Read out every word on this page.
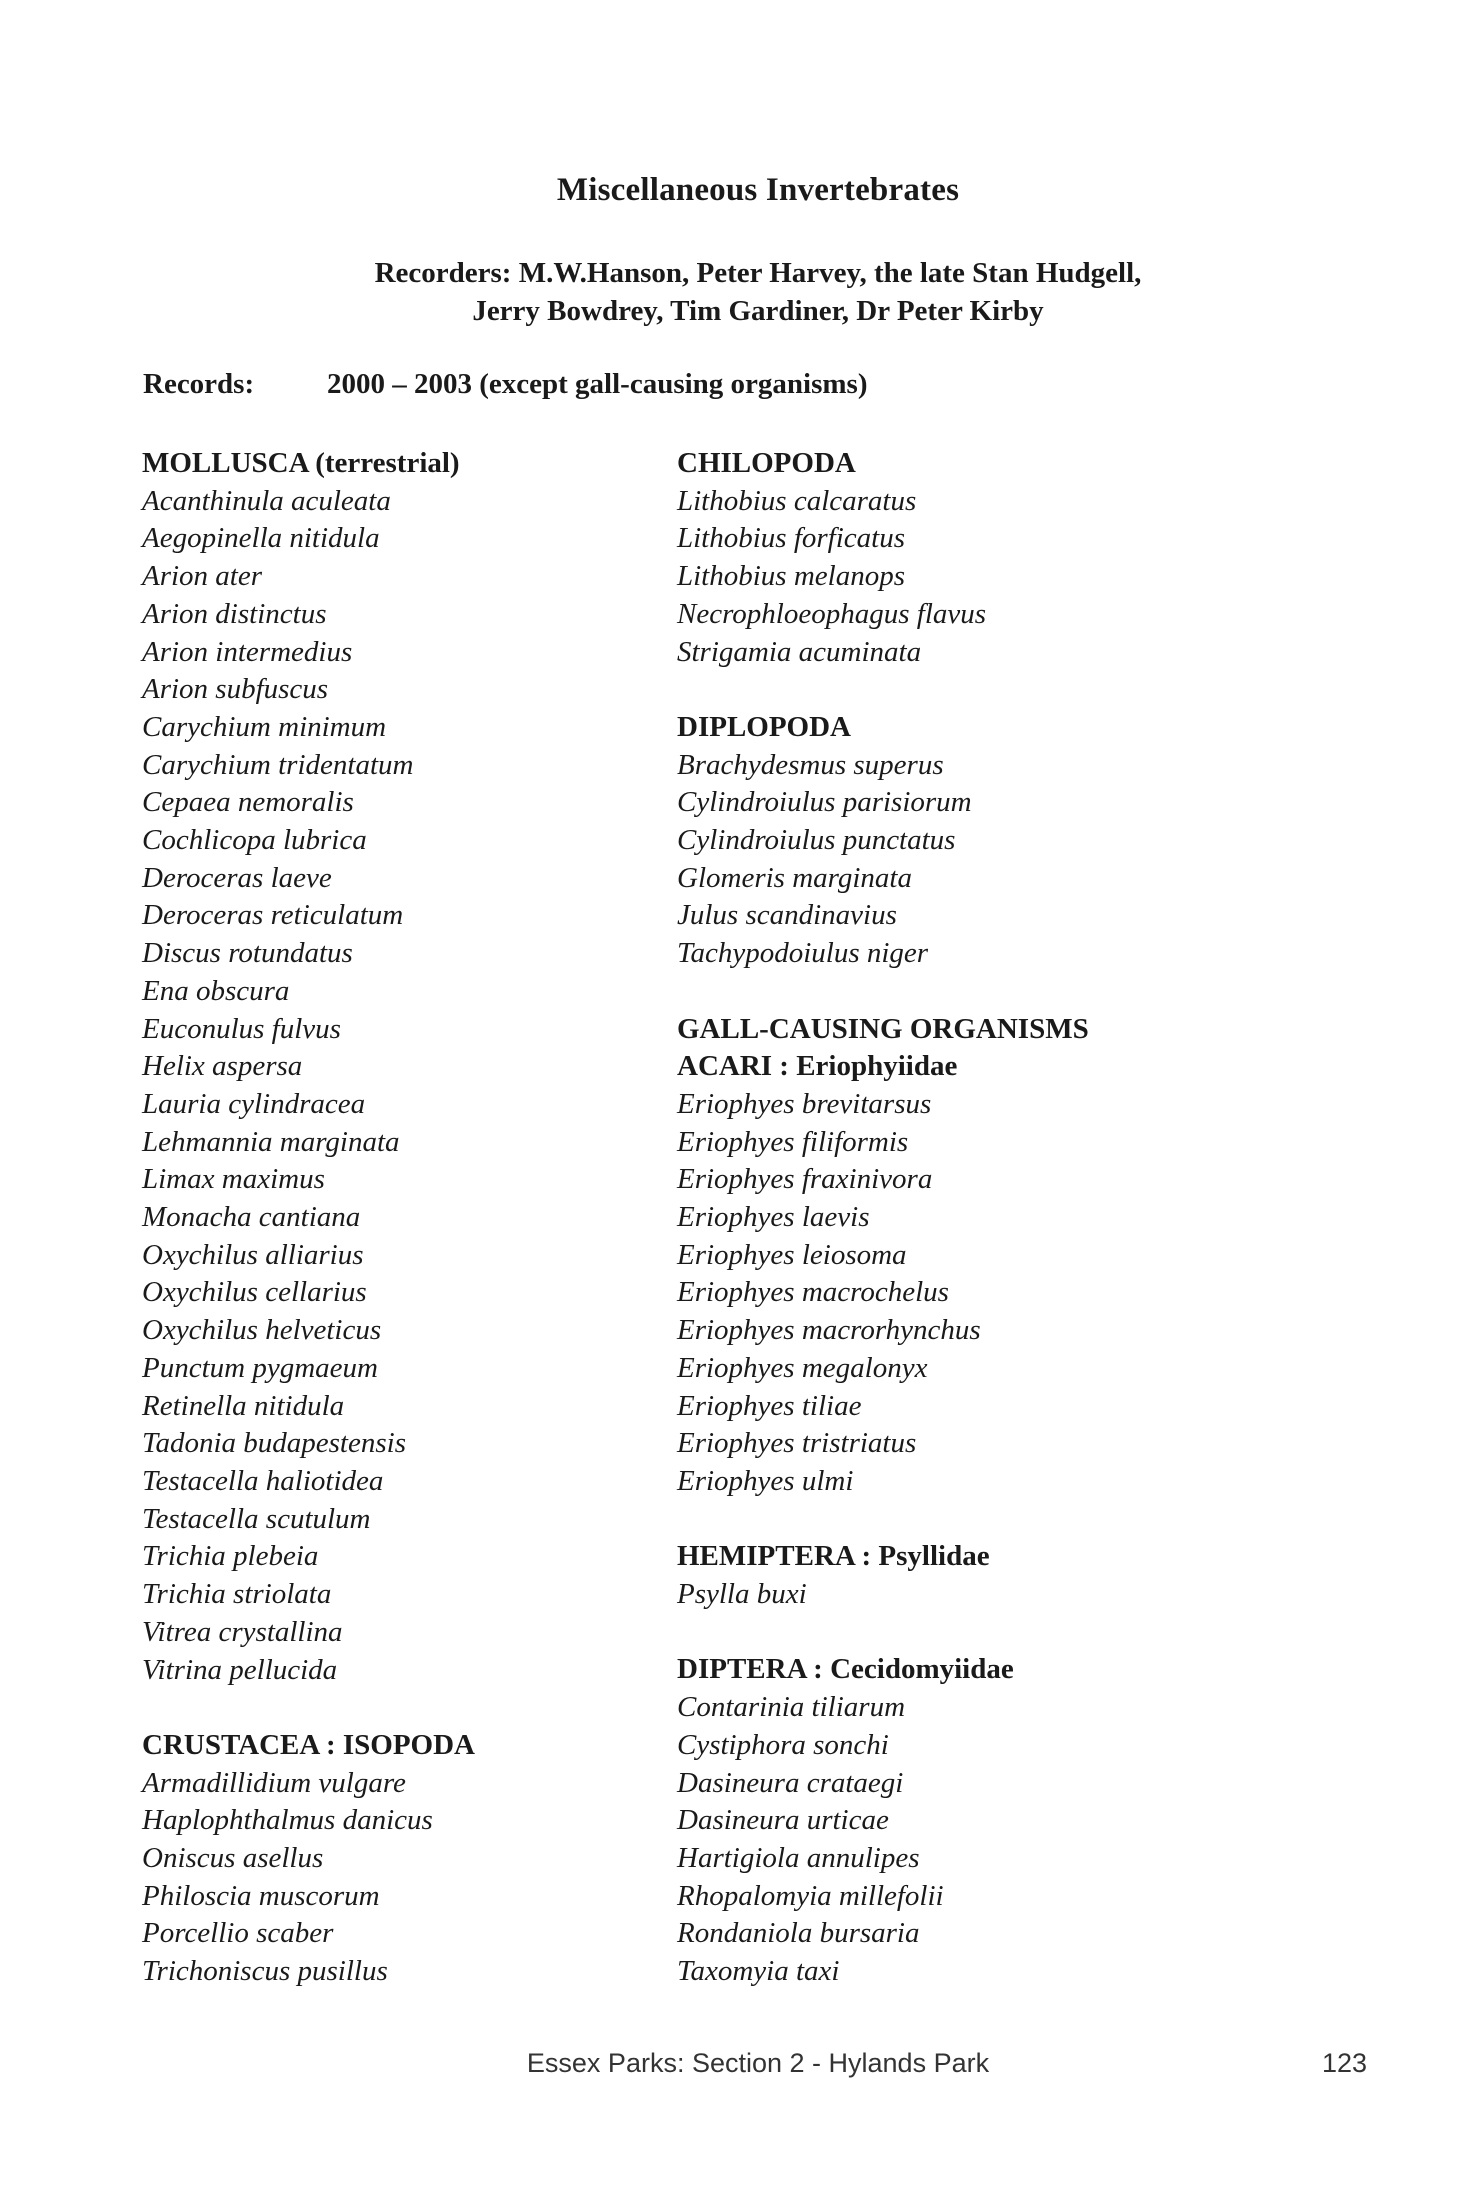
Miscellaneous Invertebrates
Recorders: M.W.Hanson, Peter Harvey, the late Stan Hudgell,
Jerry Bowdrey, Tim Gardiner, Dr Peter Kirby
Records:	2000 – 2003 (except gall-causing organisms)
MOLLUSCA (terrestrial)
Acanthinula aculeata
Aegopinella nitidula
Arion ater
Arion distinctus
Arion intermedius
Arion subfuscus
Carychium minimum
Carychium tridentatum
Cepaea nemoralis
Cochlicopa lubrica
Deroceras laeve
Deroceras reticulatum
Discus rotundatus
Ena obscura
Euconulus fulvus
Helix aspersa
Lauria cylindracea
Lehmannia marginata
Limax maximus
Monacha cantiana
Oxychilus alliarius
Oxychilus cellarius
Oxychilus helveticus
Punctum pygmaeum
Retinella nitidula
Tadonia budapestensis
Testacella haliotidea
Testacella scutulum
Trichia plebeia
Trichia striolata
Vitrea crystallina
Vitrina pellucida
CRUSTACEA : ISOPODA
Armadillidium vulgare
Haplophthalmus danicus
Oniscus asellus
Philoscia muscorum
Porcellio scaber
Trichoniscus pusillus
CHILOPODA
Lithobius calcaratus
Lithobius forficatus
Lithobius melanops
Necrophloeophagus flavus
Strigamia acuminata
DIPLOPODA
Brachydesmus superus
Cylindroiulus parisiorum
Cylindroiulus punctatus
Glomeris marginata
Julus scandinavius
Tachypodoiulus niger
GALL-CAUSING ORGANISMS
ACARI : Eriophyiidae
Eriophyes brevitarsus
Eriophyes filiformis
Eriophyes fraxinivora
Eriophyes laevis
Eriophyes leiosoma
Eriophyes macrochelus
Eriophyes macrorhynchus
Eriophyes megalonyx
Eriophyes tiliae
Eriophyes tristriatus
Eriophyes ulmi
HEMIPTERA : Psyllidae
Psylla buxi
DIPTERA : Cecidomyiidae
Contarinia tiliarum
Cystiphora sonchi
Dasineura crataegi
Dasineura urticae
Hartigiola annulipes
Rhopalomyia millefolii
Rondaniola bursaria
Taxomyia taxi
Essex Parks: Section 2 - Hylands Park	123
